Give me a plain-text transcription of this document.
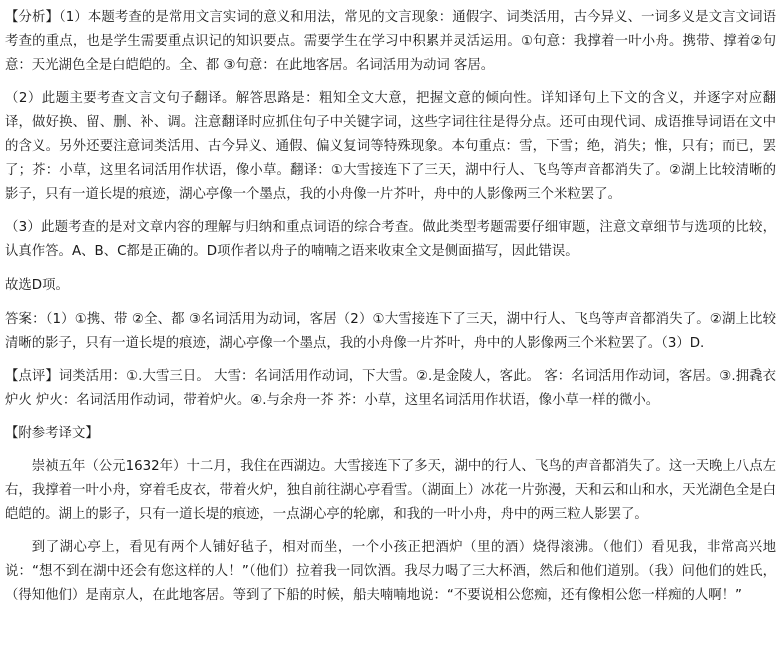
【分析】（1）本题考查的是常用文言实词的意义和用法，常见的文言现象：通假字、词类活用，古今异义、一词多义是文言文词语考查的重点，也是学生需要重点识记的知识要点。需要学生在学习中积累并灵活运用。①句意：我撑着一叶小舟。携带、撑着②句意：天光湖色全是白皑皑的。全、都 ③句意：在此地客居。名词活用为动词 客居。

（2）此题主要考查文言文句子翻译。解答思路是：粗知全文大意，把握文意的倾向性。详知译句上下文的含义，并逐字对应翻译，做好换、留、删、补、调。注意翻译时应抓住句子中关键字词，这些字词往往是得分点。还可由现代词、成语推导词语在文中的含义。另外还要注意词类活用、古今异义、通假、偏义复词等特殊现象。本句重点：雪，下雪；绝，消失；惟，只有；而已，罢了；芥：小草，这里名词活用作状语，像小草。翻译：①大雪接连下了三天，湖中行人、飞鸟等声音都消失了。②湖上比较清晰的影子，只有一道长堤的痕迹，湖心亭像一个墨点，我的小舟像一片芥叶，舟中的人影像两三个米粒罢了。

（3）此题考查的是对文章内容的理解与归纳和重点词语的综合考查。做此类型考题需要仔细审题，注意文章细节与选项的比较，认真作答。A、B、C都是正确的。D项作者以舟子的喃喃之语来收束全文是侧面描写，因此错误。

故选D项。

答案：（1）①携、带 ②全、都 ③名词活用为动词，客居（2）①大雪接连下了三天，湖中行人、飞鸟等声音都消失了。②湖上比较清晰的影子，只有一道长堤的痕迹，湖心亭像一个墨点，我的小舟像一片芥叶，舟中的人影像两三个米粒罢了。（3）D.

【点评】词类活用：①.大雪三日。 大雪：名词活用作动词，下大雪。②.是金陵人，客此。 客：名词活用作动词，客居。③.拥毳衣炉火 炉火：名词活用作动词，带着炉火。④.与余舟一芥 芥：小草，这里名词活用作状语，像小草一样的微小。

【附参考译文】

崇祯五年（公元1632年）十二月，我住在西湖边。大雪接连下了多天，湖中的行人、飞鸟的声音都消失了。这一天晚上八点左右，我撑着一叶小舟，穿着毛皮衣，带着火炉，独自前往湖心亭看雪。（湖面上）冰花一片弥漫，天和云和山和水，天光湖色全是白皑皑的。湖上的影子，只有一道长堤的痕迹，一点湖心亭的轮廓，和我的一叶小舟，舟中的两三粒人影罢了。

到了湖心亭上，看见有两个人铺好毡子，相对而坐，一个小孩正把酒炉（里的酒）烧得滚沸。（他们）看见我，非常高兴地说：“想不到在湖中还会有您这样的人！”（他们）拉着我一同饮酒。我尽力喝了三大杯酒，然后和他们道别。（我）问他们的姓氏，（得知他们）是南京人，在此地客居。等到了下船的时候，船夫喃喃地说：“不要说相公您痴，还有像相公您一样痴的人啊！”
